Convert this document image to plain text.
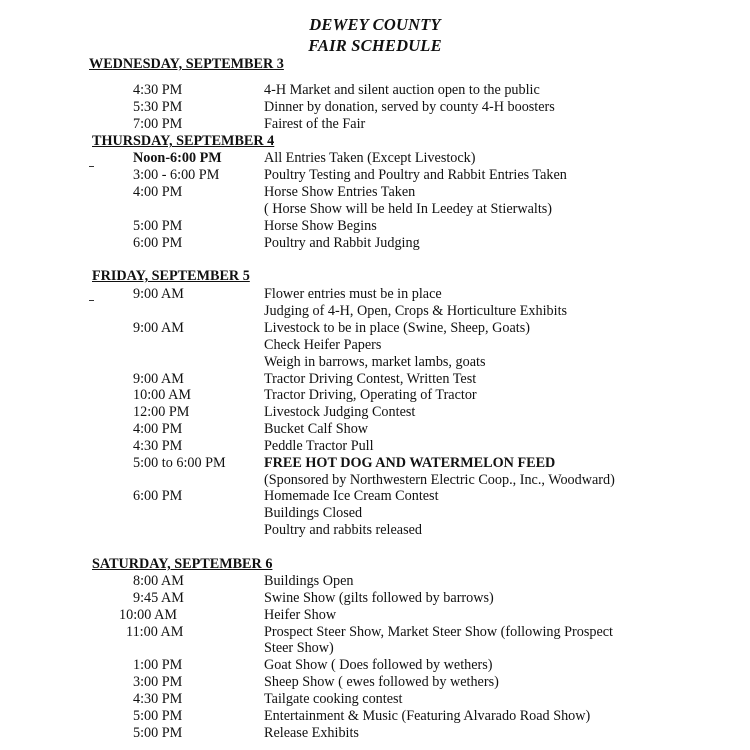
DEWEY COUNTY
FAIR SCHEDULE
WEDNESDAY, SEPTEMBER 3
4:30 PM	4-H Market and silent auction open to the public
5:30 PM	Dinner by donation, served by county 4-H boosters
7:00 PM	Fairest of the Fair
THURSDAY, SEPTEMBER 4
Noon-6:00 PM	All Entries Taken (Except Livestock)
3:00 - 6:00 PM	Poultry Testing and Poultry and Rabbit Entries Taken
4:00 PM	Horse Show Entries Taken
( Horse Show will be held In Leedey at Stierwalts)
5:00 PM	Horse Show Begins
6:00 PM	Poultry and Rabbit Judging
FRIDAY, SEPTEMBER 5
9:00 AM	Flower entries must be in place
Judging of 4-H, Open, Crops & Horticulture Exhibits
9:00 AM	Livestock to be in place (Swine, Sheep, Goats)
Check Heifer Papers
Weigh in barrows, market lambs, goats
9:00 AM	Tractor Driving Contest, Written Test
10:00 AM	Tractor Driving, Operating of Tractor
12:00 PM	Livestock Judging Contest
4:00 PM	Bucket Calf Show
4:30 PM	Peddle Tractor Pull
5:00 to 6:00 PM	FREE HOT DOG AND WATERMELON FEED
(Sponsored by Northwestern Electric Coop., Inc., Woodward)
6:00 PM	Homemade Ice Cream Contest
Buildings Closed
Poultry and rabbits released
SATURDAY, SEPTEMBER 6
8:00 AM	Buildings Open
9:45 AM	Swine Show (gilts followed by barrows)
10:00 AM	Heifer Show
11:00 AM	Prospect Steer Show, Market Steer Show (following Prospect
Steer Show)
1:00 PM	Goat Show ( Does followed by wethers)
3:00 PM	Sheep Show ( ewes followed by wethers)
4:30 PM	Tailgate cooking contest
5:00 PM	Entertainment & Music (Featuring Alvarado Road Show)
5:00 PM	Release Exhibits
